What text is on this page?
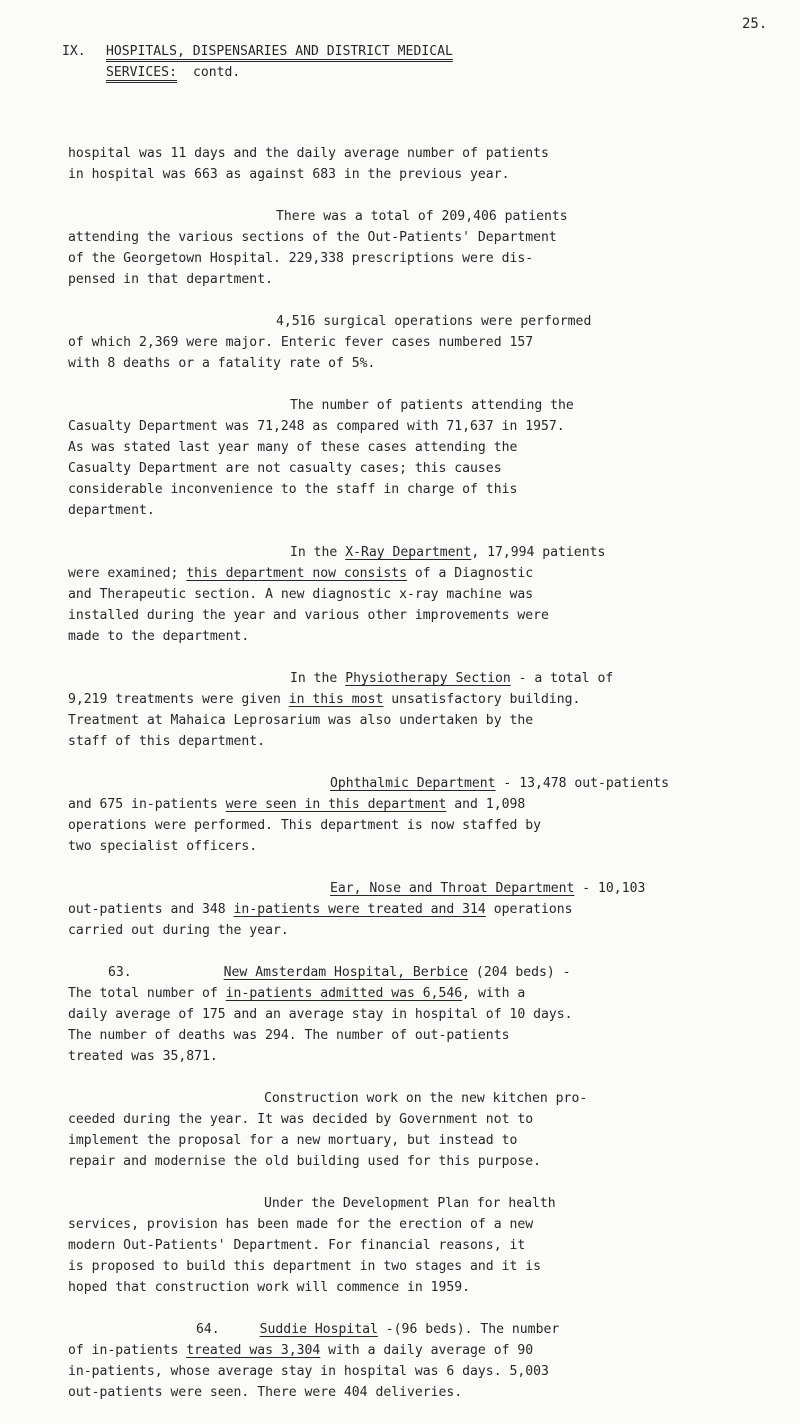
25.
IX. HOSPITALS, DISPENSARIES AND DISTRICT MEDICAL
SERVICES: contd.

hospital was 11 days and the daily average number of patients
in hospital was 663 as against 683 in the previous year.

There was a total of 209,406 patients
attending the various sections of the Out-Patients' Department
of the Georgetown Hospital. 229,338 prescriptions were dis-
pensed in that department.

4,516 surgical operations were performed
of which 2,369 were major. Enteric fever cases numbered 157
with 8 deaths or a fatality rate of 5%.

The number of patients attending the
Casualty Department was 71,248 as compared with 71,637 in 1957.
As was stated last year many of these cases attending the
Casualty Department are not casualty cases; this causes
considerable inconvenience to the staff in charge of this
department.

In the X-Ray Department, 17,994 patients
were examined; this department now consists of a Diagnostic
and Therapeutic section. A new diagnostic x-ray machine was
installed during the year and various other improvements were
made to the department.

In the Physiotherapy Section - a total of
9,219 treatments were given in this most unsatisfactory building.
Treatment at Mahaica Leprosarium was also undertaken by the
staff of this department.

Ophthalmic Department - 13,478 out-patients
and 675 in-patients were seen in this department and 1,098
operations were performed. This department is now staffed by
two specialist officers.

Ear, Nose and Throat Department - 10,103
out-patients and 348 in-patients were treated and 314 operations
carried out during the year.

63.	New Amsterdam Hospital, Berbice (204 beds) -
The total number of in-patients admitted was 6,546, with a
daily average of 175 and an average stay in hospital of 10 days.
The number of deaths was 294. The number of out-patients
treated was 35,871.

Construction work on the new kitchen pro-
ceeded during the year. It was decided by Government not to
implement the proposal for a new mortuary, but instead to
repair and modernise the old building used for this purpose.

Under the Development Plan for health
services, provision has been made for the erection of a new
modern Out-Patients' Department. For financial reasons, it
is proposed to build this department in two stages and it is
hoped that construction work will commence in 1959.

64.	Suddie Hospital -(96 beds). The number
of in-patients treated was 3,304 with a daily average of 90
in-patients, whose average stay in hospital was 6 days. 5,003
out-patients were seen. There were 404 deliveries.
